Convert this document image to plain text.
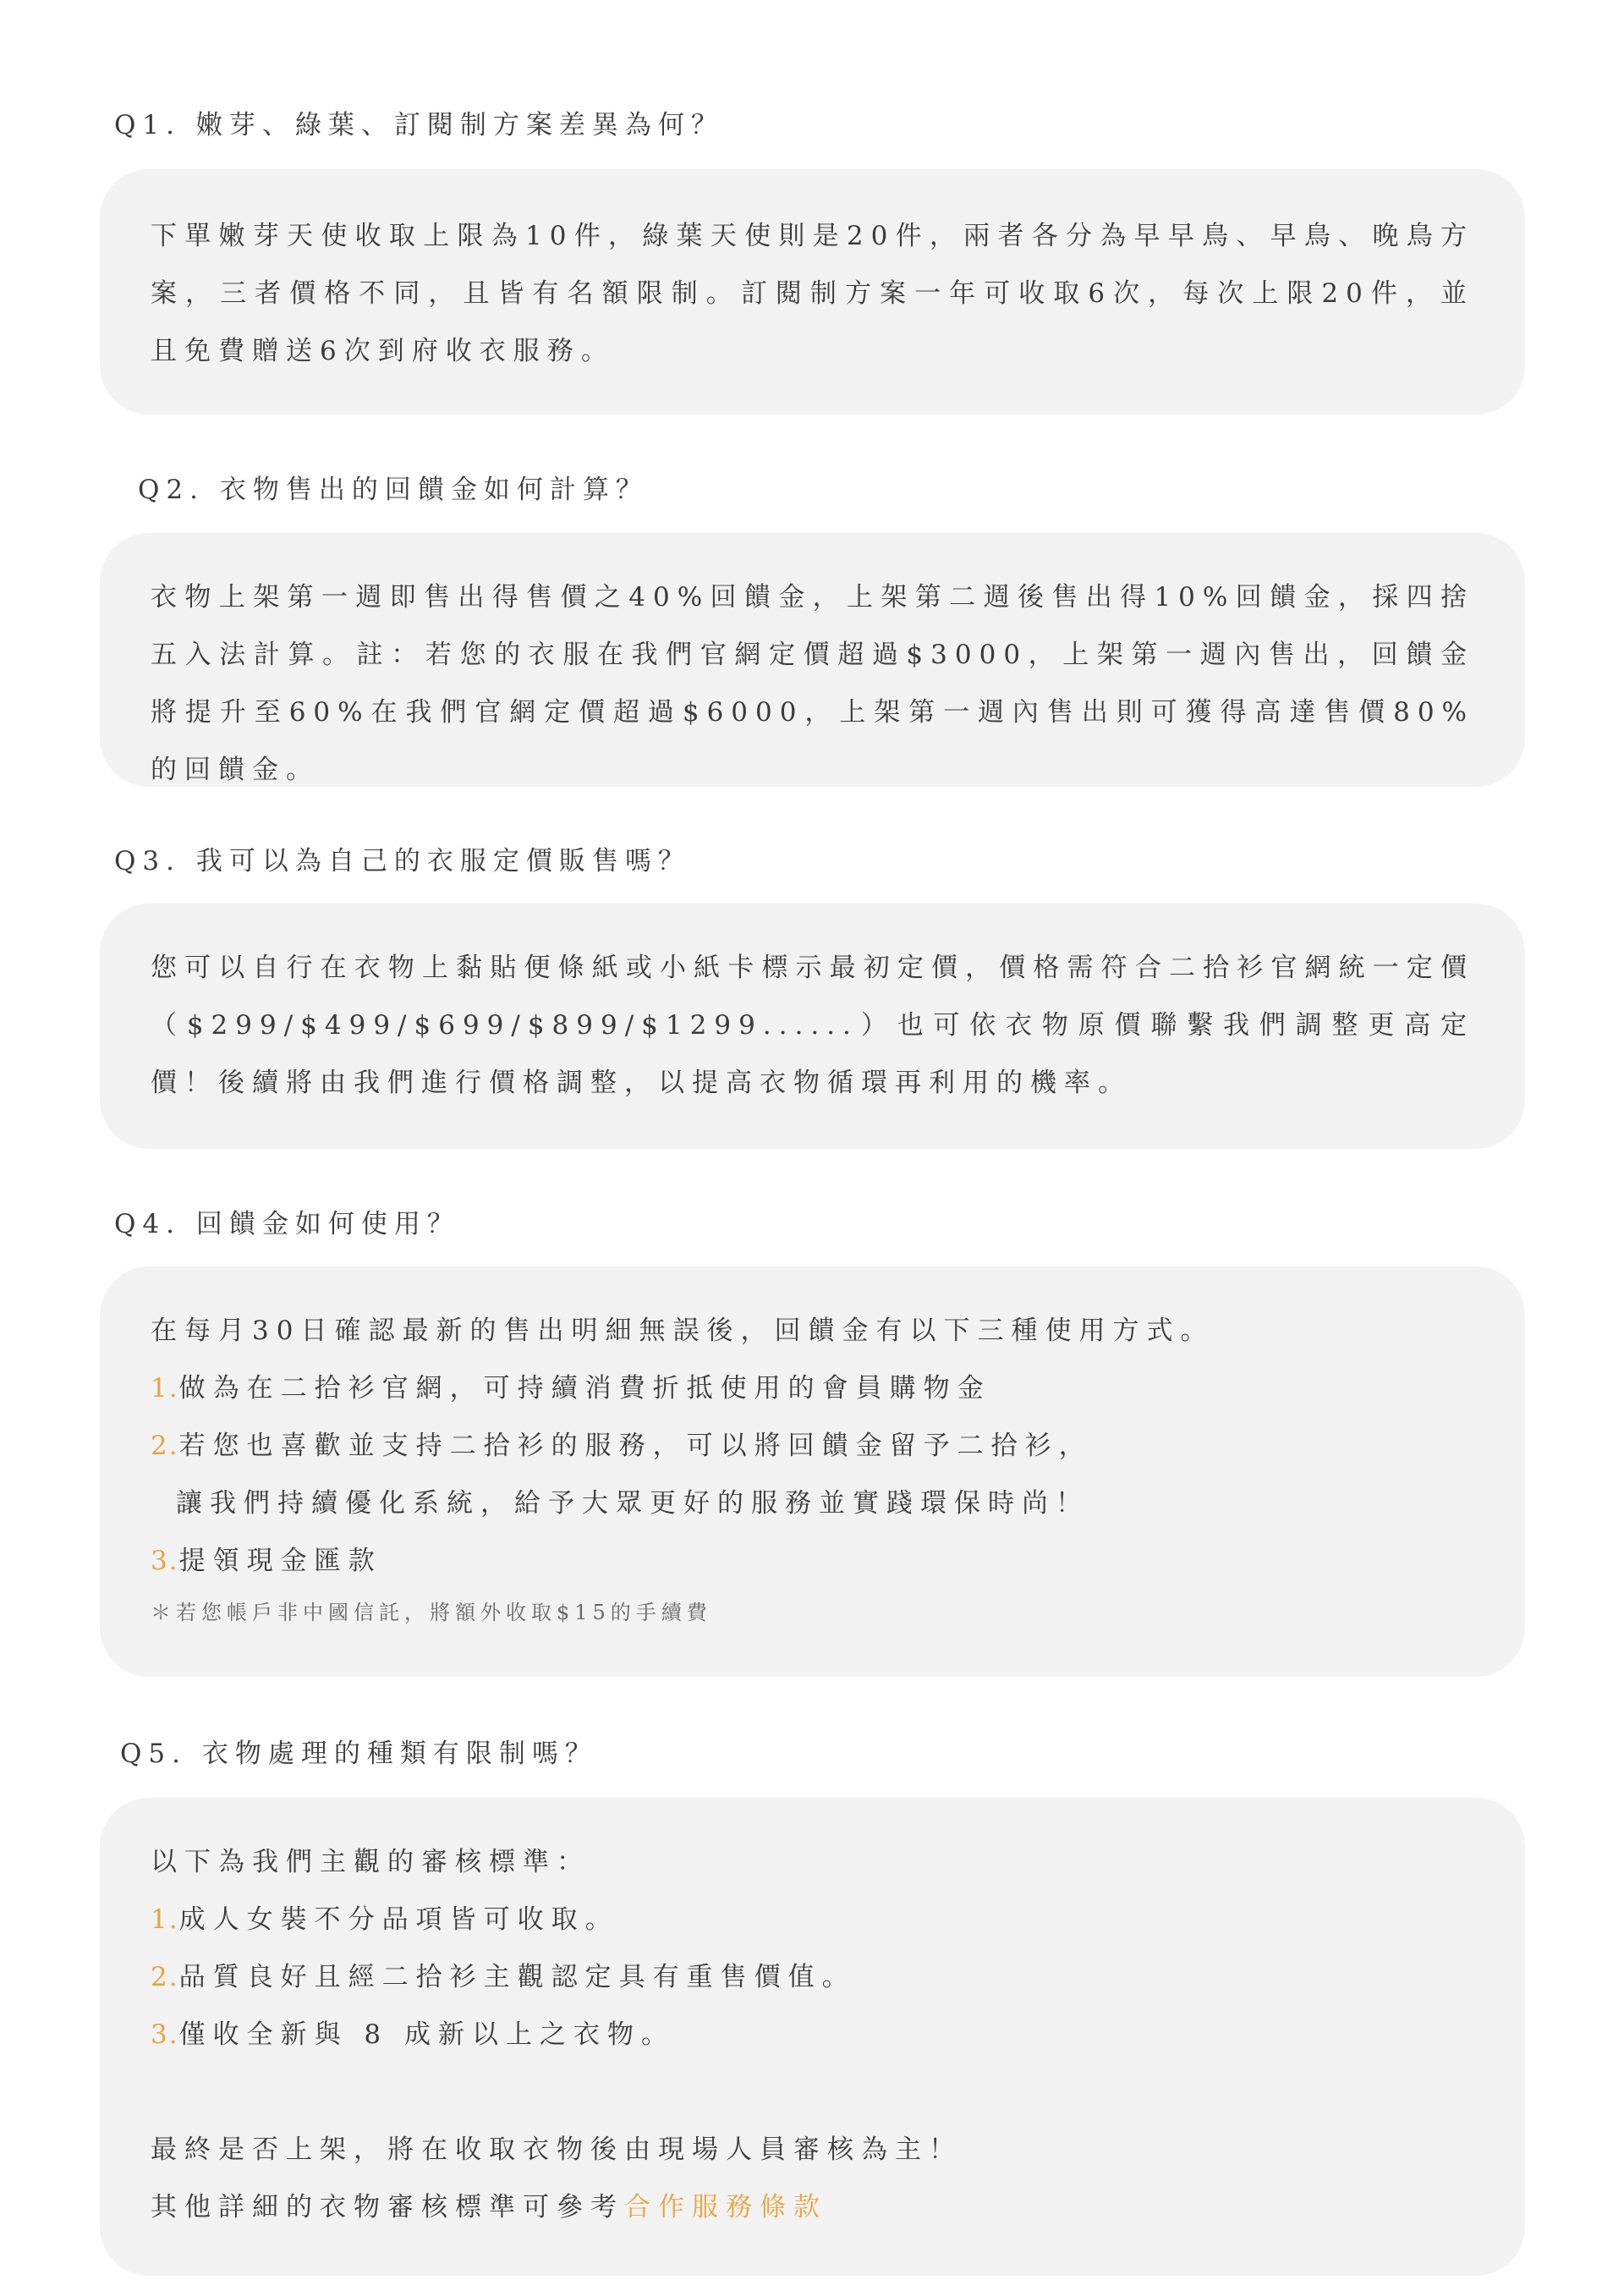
Q1. 嫩芽、綠葉、訂閱制方案差異為何？

下單嫩芽天使收取上限為10件，綠葉天使則是20件，兩者各分為早早鳥、早鳥、晚鳥方案，三者價格不同，且皆有名額限制。訂閱制方案一年可收取6次，每次上限20件，並且免費贈送6次到府收衣服務。

Q2. 衣物售出的回饋金如何計算？

衣物上架第一週即售出得售價之40%回饋金，上架第二週後售出得10%回饋金，採四捨五入法計算。註：若您的衣服在我們官網定價超過$3000，上架第一週內售出，回饋金將提升至60%在我們官網定價超過$6000，上架第一週內售出則可獲得高達售價80%的回饋金。

Q3. 我可以為自己的衣服定價販售嗎？

您可以自行在衣物上黏貼便條紙或小紙卡標示最初定價，價格需符合二拾衫官網統一定價（$299/$499/$699/$899/$1299......）也可依衣物原價聯繫我們調整更高定價！後續將由我們進行價格調整，以提高衣物循環再利用的機率。

Q4. 回饋金如何使用？

在每月30日確認最新的售出明細無誤後，回饋金有以下三種使用方式。

1.做為在二拾衫官網，可持續消費折抵使用的會員購物金
2.若您也喜歡並支持二拾衫的服務，可以將回饋金留予二拾衫，
讓我們持續優化系統，給予大眾更好的服務並實踐環保時尚！
3.提領現金匯款

＊若您帳戶非中國信託，將額外收取$15的手續費

Q5. 衣物處理的種類有限制嗎？

以下為我們主觀的審核標準：

1.成人女裝不分品項皆可收取。
2.品質良好且經二拾衫主觀認定具有重售價值。
3.僅收全新與 8 成新以上之衣物。

最終是否上架，將在收取衣物後由現場人員審核為主！

其他詳細的衣物審核標準可參考合作服務條款
